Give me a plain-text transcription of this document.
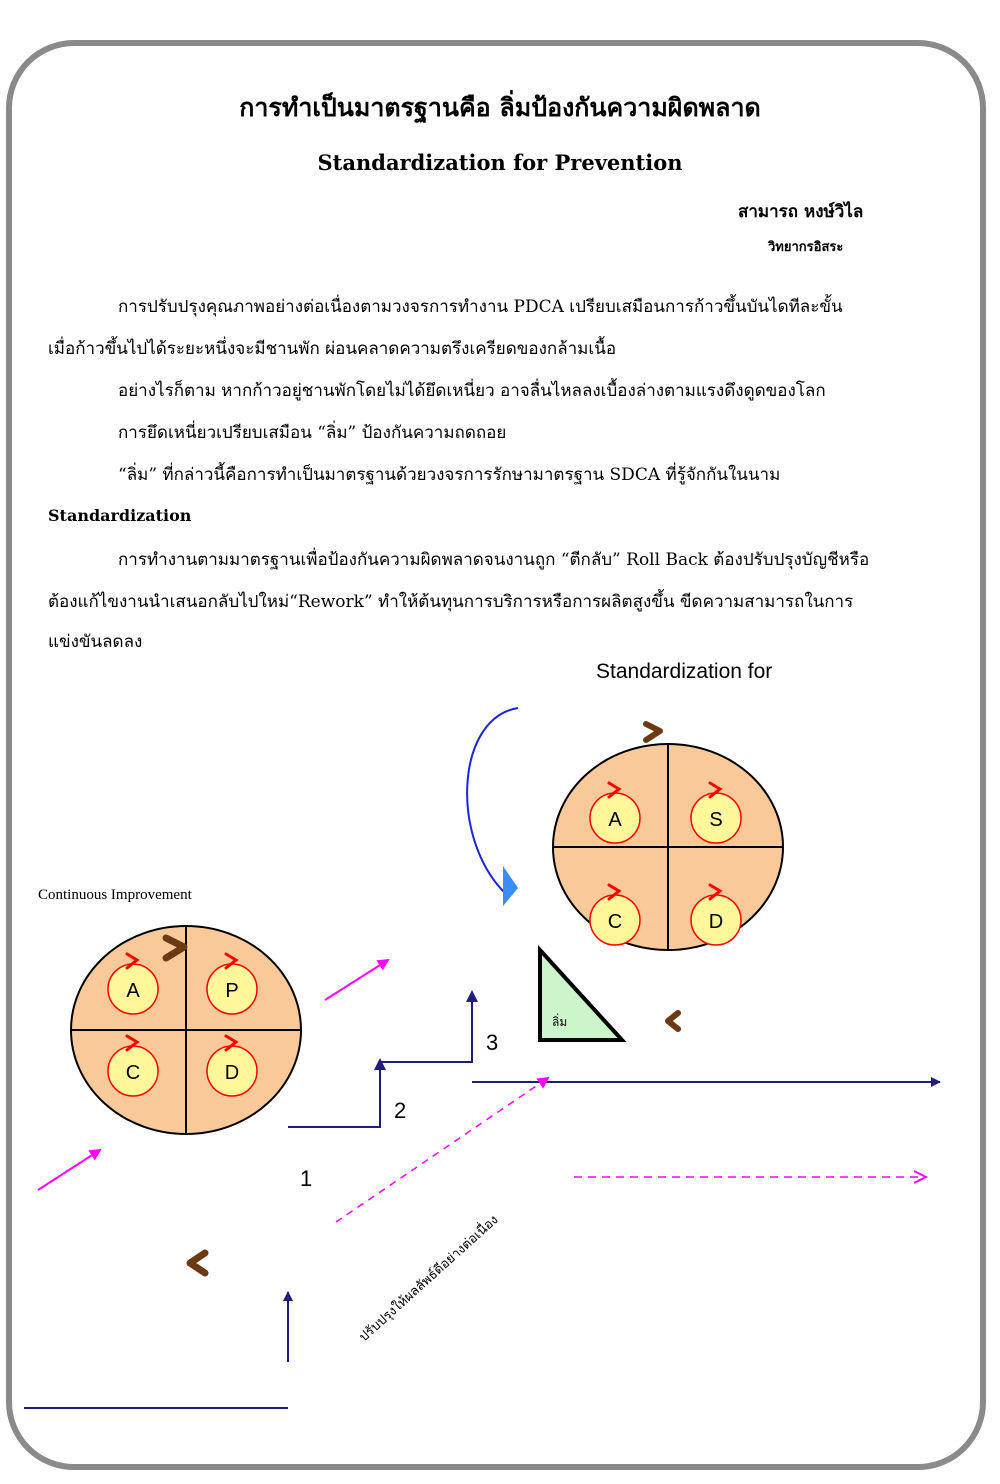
การทำเป็นมาตรฐานคือ ลิ่มป้องกันความผิดพลาด
Standardization for Prevention
สามารถ หงษ์วิไล
วิทยากรอิสระ
การปรับปรุงคุณภาพอย่างต่อเนื่องตามวงจรการทำงาน PDCA เปรียบเสมือนการก้าวขึ้นบันไดทีละขั้น
เมื่อก้าวขึ้นไปได้ระยะหนึ่งจะมีชานพัก ผ่อนคลาดความตรึงเครียดของกล้ามเนื้อ
อย่างไรก็ตาม หากก้าวอยู่ชานพักโดยไม่ได้ยึดเหนี่ยว อาจลื่นไหลลงเบื้องล่างตามแรงดึงดูดของโลก
การยึดเหนี่ยวเปรียบเสมือน “ลิ่ม” ป้องกันความถดถอย
“ลิ่ม” ที่กล่าวนี้คือการทำเป็นมาตรฐานด้วยวงจรการรักษามาตรฐาน SDCA ที่รู้จักกันในนาม
Standardization
การทำงานตามมาตรฐานเพื่อป้องกันความผิดพลาดจนงานถูก “ตีกลับ” Roll Back ต้องปรับปรุงบัญชีหรือ
ต้องแก้ไขงานนำเสนอกลับไปใหม่“Rework” ทำให้ต้นทุนการบริการหรือการผลิตสูงขึ้น ขีดความสามารถในการ
แข่งขันลดลง
Standardization for
Continuous Improvement
A	P
C	D
A	S
C	D
ลิ่ม
1
2
3
ปรับปรุงให้ผลลัพธ์ดีอย่างต่อเนื่อง
